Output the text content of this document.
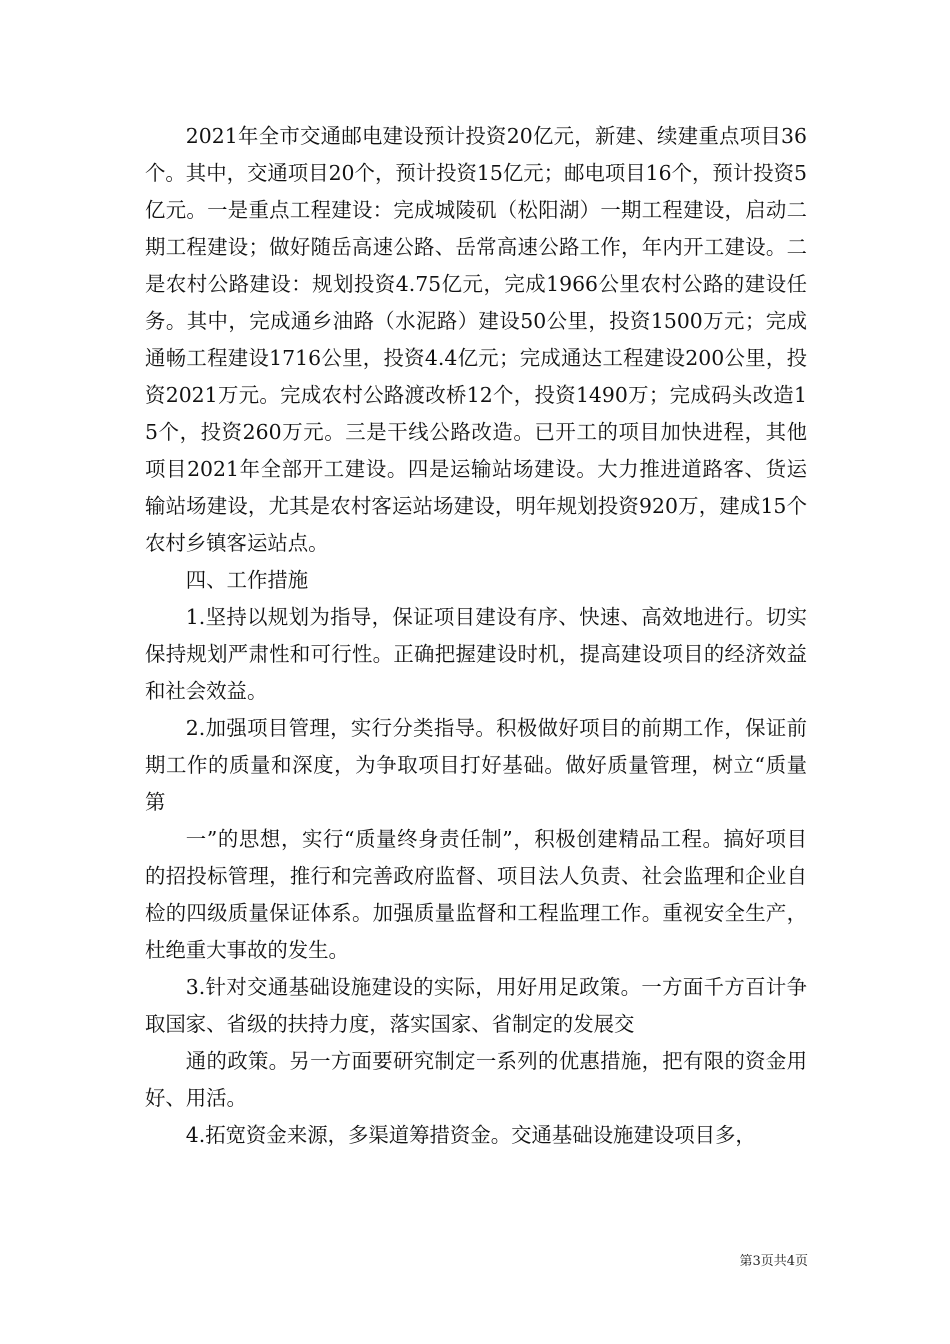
2021年全市交通邮电建设预计投资20亿元，新建、续建重点项目36个。其中，交通项目20个，预计投资15亿元；邮电项目16个，预计投资5亿元。一是重点工程建设：完成城陵矶（松阳湖）一期工程建设，启动二期工程建设；做好随岳高速公路、岳常高速公路工作，年内开工建设。二是农村公路建设：规划投资4.75亿元，完成1966公里农村公路的建设任务。其中，完成通乡油路（水泥路）建设50公里，投资1500万元；完成通畅工程建设1716公里，投资4.4亿元；完成通达工程建设200公里，投资2021万元。完成农村公路渡改桥12个，投资1490万；完成码头改造15个，投资260万元。三是干线公路改造。已开工的项目加快进程，其他项目2021年全部开工建设。四是运输站场建设。大力推进道路客、货运输站场建设，尤其是农村客运站场建设，明年规划投资920万，建成15个农村乡镇客运站点。

四、工作措施

1.坚持以规划为指导，保证项目建设有序、快速、高效地进行。切实保持规划严肃性和可行性。正确把握建设时机，提高建设项目的经济效益和社会效益。

2.加强项目管理，实行分类指导。积极做好项目的前期工作，保证前期工作的质量和深度，为争取项目打好基础。做好质量管理，树立“质量第

一”的思想，实行“质量终身责任制”，积极创建精品工程。搞好项目的招投标管理，推行和完善政府监督、项目法人负责、社会监理和企业自检的四级质量保证体系。加强质量监督和工程监理工作。重视安全生产，杜绝重大事故的发生。

3.针对交通基础设施建设的实际，用好用足政策。一方面千方百计争取国家、省级的扶持力度，落实国家、省制定的发展交

通的政策。另一方面要研究制定一系列的优惠措施，把有限的资金用好、用活。

4.拓宽资金来源，多渠道筹措资金。交通基础设施建设项目多，

第3页共4页
